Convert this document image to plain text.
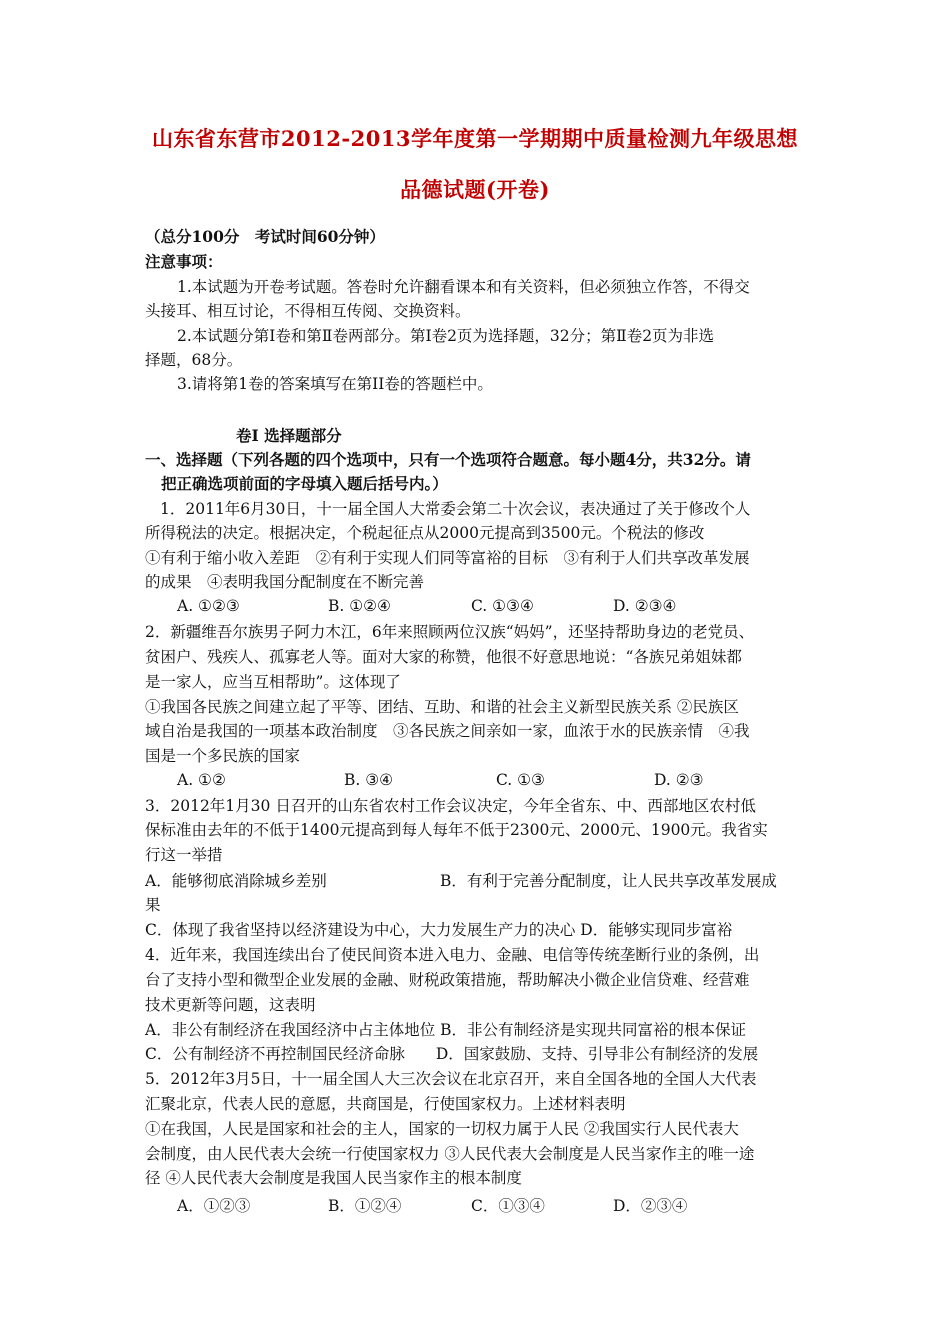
山东省东营市2012-2013学年度第一学期期中质量检测九年级思想
品德试题(开卷)
（总分100分　考试时间60分钟）
注意事项：
1.本试题为开卷考试题。答卷时允许翻看课本和有关资料，但必须独立作答，不得交
头接耳、相互讨论，不得相互传阅、交换资料。
2.本试题分第Ⅰ卷和第Ⅱ卷两部分。第Ⅰ卷2页为选择题，32分；第Ⅱ卷2页为非选
择题，68分。
3.请将第1卷的答案填写在第II卷的答题栏中。
卷Ⅰ 选择题部分
一、选择题（下列各题的四个选项中，只有一个选项符合题意。每小题4分，共32分。请
把正确选项前面的字母填入题后括号内。）
1．2011年6月30日，十一届全国人大常委会第二十次会议，表决通过了关于修改个人
所得税法的决定。根据决定，个税起征点从2000元提高到3500元。个税法的修改
①有利于缩小收入差距　②有利于实现人们同等富裕的目标　③有利于人们共享改革发展
的成果　④表明我国分配制度在不断完善
A. ①②③	B. ①②④	C. ①③④	D. ②③④
2．新疆维吾尔族男子阿力木江，6年来照顾两位汉族“妈妈”，还坚持帮助身边的老党员、
贫困户、残疾人、孤寡老人等。面对大家的称赞，他很不好意思地说：“各族兄弟姐妹都
是一家人，应当互相帮助”。这体现了
①我国各民族之间建立起了平等、团结、互助、和谐的社会主义新型民族关系 ②民族区
域自治是我国的一项基本政治制度　③各民族之间亲如一家，血浓于水的民族亲情　④我
国是一个多民族的国家
A. ①②	B. ③④	C. ①③	D. ②③
3．2012年1月30 日召开的山东省农村工作会议决定，今年全省东、中、西部地区农村低
保标准由去年的不低于1400元提高到每人每年不低于2300元、2000元、1900元。我省实
行这一举措
A．能够彻底消除城乡差别	B．有利于完善分配制度，让人民共享改革发展成
果
C．体现了我省坚持以经济建设为中心，大力发展生产力的决心 D．能够实现同步富裕
4．近年来，我国连续出台了使民间资本进入电力、金融、电信等传统垄断行业的条例，出
台了支持小型和微型企业发展的金融、财税政策措施，帮助解决小微企业信贷难、经营难
技术更新等问题，这表明
A．非公有制经济在我国经济中占主体地位 B．非公有制经济是实现共同富裕的根本保证
C．公有制经济不再控制国民经济命脉　　D．国家鼓励、支持、引导非公有制经济的发展
5．2012年3月5日，十一届全国人大三次会议在北京召开，来自全国各地的全国人大代表
汇聚北京，代表人民的意愿，共商国是，行使国家权力。上述材料表明
①在我国，人民是国家和社会的主人，国家的一切权力属于人民 ②我国实行人民代表大
会制度，由人民代表大会统一行使国家权力 ③人民代表大会制度是人民当家作主的唯一途
径 ④人民代表大会制度是我国人民当家作主的根本制度
A．①②③	B．①②④	C．①③④	D．②③④
